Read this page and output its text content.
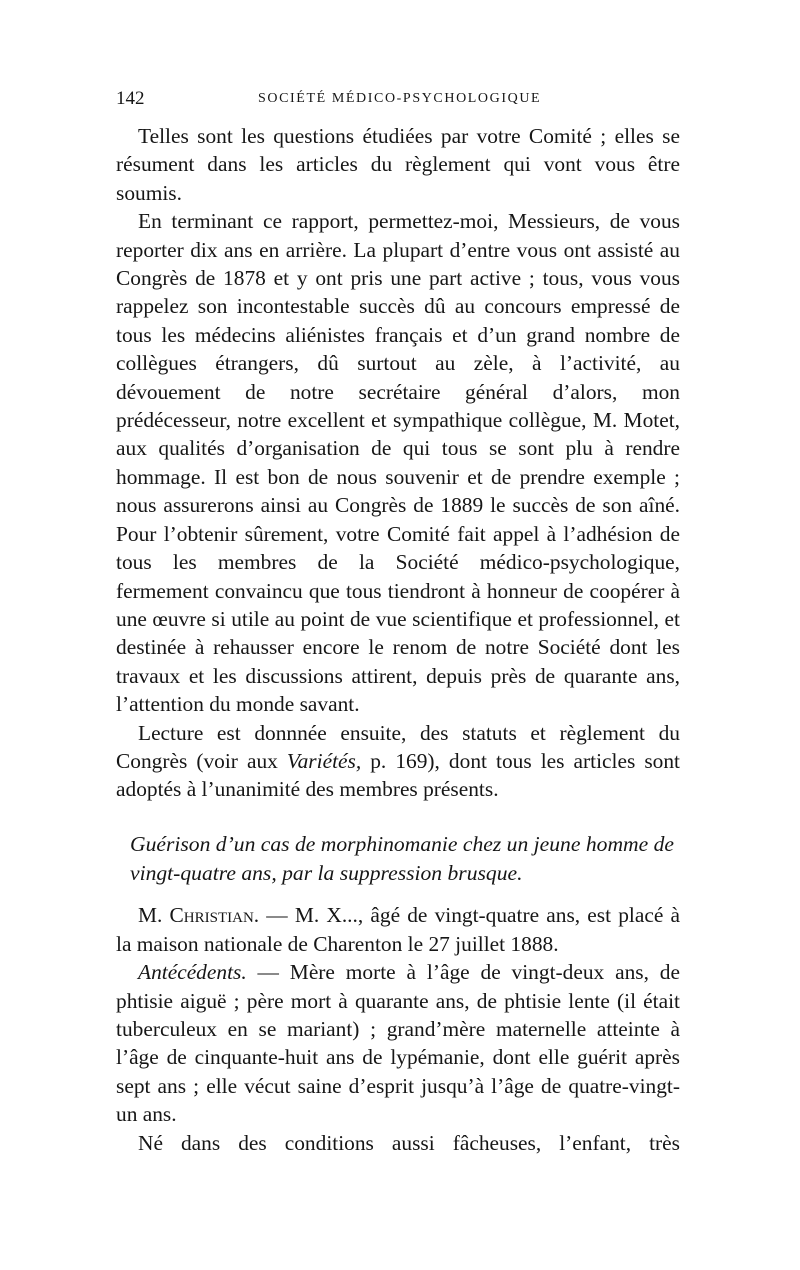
142	SOCIÉTÉ MÉDICO-PSYCHOLOGIQUE

Telles sont les questions étudiées par votre Comité ; elles se résument dans les articles du règlement qui vont vous être soumis.

En terminant ce rapport, permettez-moi, Messieurs, de vous reporter dix ans en arrière. La plupart d’entre vous ont assisté au Congrès de 1878 et y ont pris une part active ; tous, vous vous rappelez son incontestable succès dû au concours empressé de tous les médecins aliénistes français et d’un grand nombre de collègues étrangers, dû surtout au zèle, à l’activité, au dévouement de notre secrétaire général d’alors, mon prédécesseur, notre excellent et sympathique collègue, M. Motet, aux qualités d’organisation de qui tous se sont plu à rendre hommage. Il est bon de nous souvenir et de prendre exemple ; nous assurerons ainsi au Congrès de 1889 le succès de son aîné. Pour l’obtenir sûrement, votre Comité fait appel à l’adhésion de tous les membres de la Société médico-psychologique, fermement convaincu que tous tiendront à honneur de coopérer à une œuvre si utile au point de vue scientifique et professionnel, et destinée à rehausser encore le renom de notre Société dont les travaux et les discussions attirent, depuis près de quarante ans, l’attention du monde savant.

Lecture est donnnée ensuite, des statuts et règlement du Congrès (voir aux Variétés, p. 169), dont tous les articles sont adoptés à l’unanimité des membres présents.

Guérison d’un cas de morphinomanie chez un jeune homme de vingt-quatre ans, par la suppression brusque.

M. Christian. — M. X..., âgé de vingt-quatre ans, est placé à la maison nationale de Charenton le 27 juillet 1888.

Antécédents. — Mère morte à l’âge de vingt-deux ans, de phtisie aiguë ; père mort à quarante ans, de phtisie lente (il était tuberculeux en se mariant) ; grand’mère maternelle atteinte à l’âge de cinquante-huit ans de lypémanie, dont elle guérit après sept ans ; elle vécut saine d’esprit jusqu’à l’âge de quatre-vingt-un ans.

Né dans des conditions aussi fâcheuses, l’enfant, très
